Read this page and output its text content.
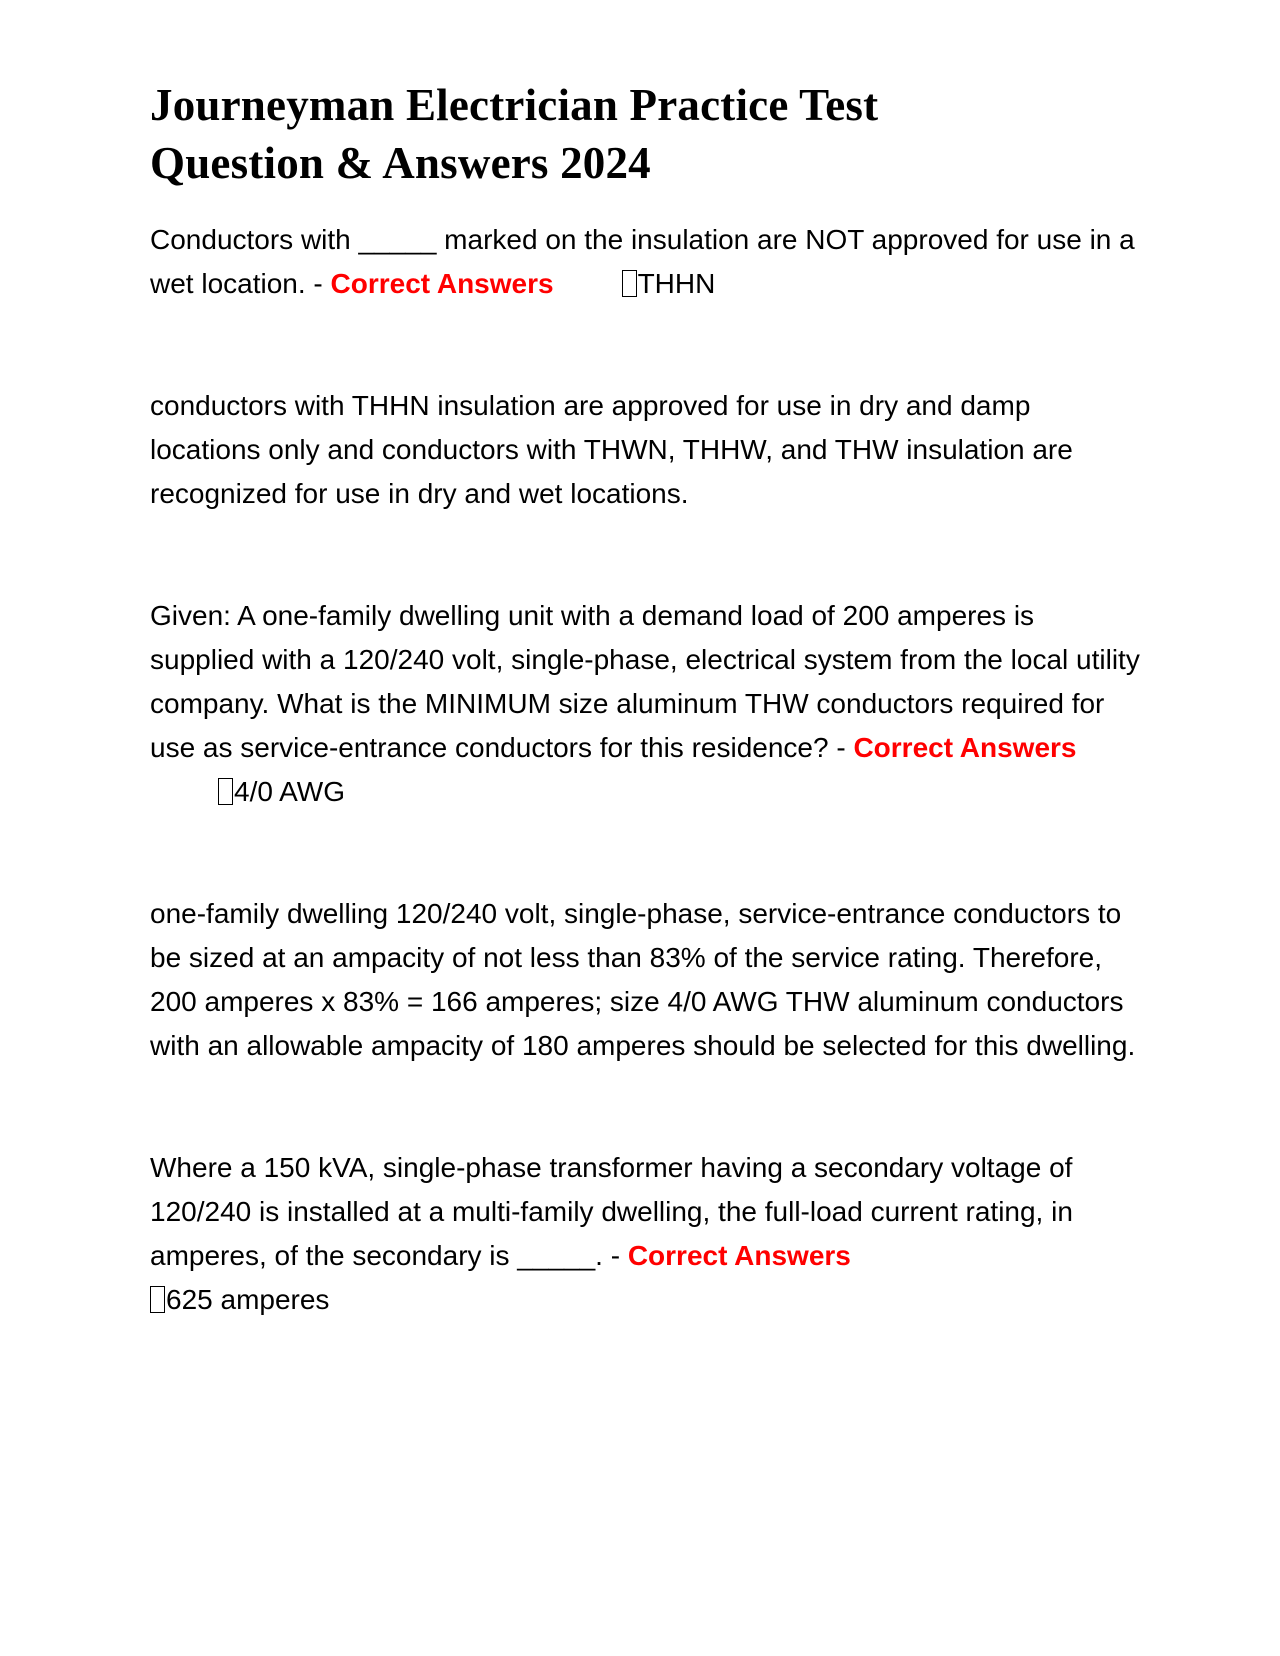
Journeyman Electrician Practice Test
Question & Answers 2024

Conductors with _____ marked on the insulation are NOT approved for use in a wet location. - Correct Answers	THHN

conductors with THHN insulation are approved for use in dry and damp locations only and conductors with THWN, THHW, and THW insulation are recognized for use in dry and wet locations.

Given: A one-family dwelling unit with a demand load of 200 amperes is supplied with a 120/240 volt, single-phase, electrical system from the local utility company. What is the MINIMUM size aluminum THW conductors required for use as service-entrance conductors for this residence? - Correct Answers4/0 AWG

one-family dwelling 120/240 volt, single-phase, service-entrance conductors to be sized at an ampacity of not less than 83% of the service rating. Therefore, 200 amperes x 83% = 166 amperes; size 4/0 AWG THW aluminum conductors with an allowable ampacity of 180 amperes should be selected for this dwelling.

Where a 150 kVA, single-phase transformer having a secondary voltage of 120/240 is installed at a multi-family dwelling, the full-load current rating, in amperes, of the secondary is _____. - Correct Answers
625 amperes
